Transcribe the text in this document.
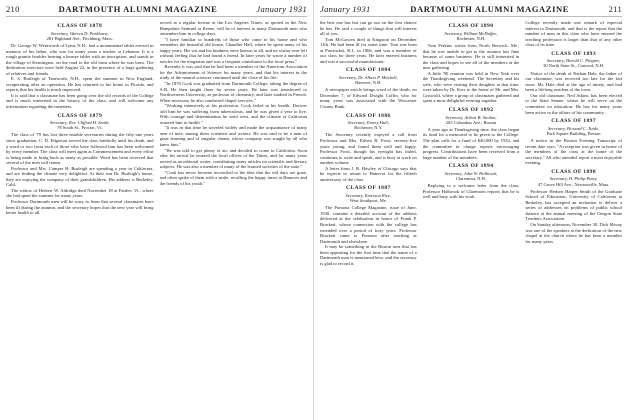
210	DARTMOUTH ALUMNI MAGAZINE	January 1931
CLASS OF 1878
Secretary, Warren D. Parkhurst,
281 Highland Ave., Fitchburg, Mass.

Dr. George W. Wentworth of Lynn, N.H., had a monumental tablet erected in memory of his father, who was for many years a teacher at Lebanon. It is a rough granite boulder bearing a bronze tablet with an inscription, and stands in the village of Kensington, on the road to the old farm where he was born. The dedication exercises were held August 22, in the presence of a large gathering of relatives and friends.

E. S. Burleigh of Tamworth, N.H., spent the summer in New England, recuperating after an operation. He has returned to his home in Florida, and reports that his health is much improved.

It is said that a classmate has been going over the old records of the College and is much interested in the history of the class, and will welcome any information regarding the members.

CLASS OF 1879
Secretary, Rev. Clifford H. Smith,
78 South St., Proctor, Vt.

The class of '79 has lost three notable secretaries during the fifty-one years since graduation. C. D. Edgerton served the class faithfully until his death, and a word or two from each of those who have followed him has been welcomed by every member. The class will meet again at Commencement and every effort is being made to bring back as many as possible. Word has been received that several of the men will return.

Professor and Mrs. Camper H. Burleigh are spending a year in California, and are finding the climate very delightful. At their son Dr. Burleigh's house, they are enjoying the company of their grandchildren. His address is Berkeley, Calif.

The widow of Herbert W. Aldridge died November 18 at Fairlee, Vt., where she had spent the summer for many years.

Professor Dartmouth men will be sorry to learn that several classmates have been ill during the autumn, and the secretary hopes that the new year will bring better health to all.

served at a regular lecture at the Los Angeles Times, as quoted in the New Hampshire Sentinel at Keene, will be of interest to many Dartmouth men who remember him in college days.

"I have familiar to hundreds of those who came to his home and who remember the beautiful old house, Chandler Hall, where he spent many of his happy years. His wit and his kindness were known to all, and no visitor ever left without feeling that he had found a friend. In later years he wrote a number of articles for the magazine and was a frequent contributor to the local press."

Recently it was said that he had been a member of the American Association for the Advancement of Science for many years, and that his interest in the study of the natural sciences continued until the close of his life.

"In 1876 Cook was graduated from Dartmouth College, taking the degree of A.B. He then taught there for seven years. He later was transferred to Northwestern University, as professor of chemistry, and later studied in French. When necessary he also conducted chapel services."

"Working intensively at his profession, Cook failed in his health. Doctors told him he was suffering from tuberculosis, and he was given a year to live. With courage and determination he went west, and the climate of California restored him to health."

"It was in that time he traveled widely and made the acquaintance of many men of note, among them scientists and writers. He was said to be a man of great learning and of singular charm, whose company was sought by all who knew him."

"He was told to get plenty of air, and decided to come to California. Soon after his arrival he entered the local offices of the Times, and for many years served as an editorial writer, contributing many articles on scientific and literary subjects. He was also a member of many of the learned societies of the state."

"Cook has never become reconciled to the idea that the old days are gone, and often spoke of them with a smile, recalling the happy times at Hanover and the friends of his youth."

January 1931	DARTMOUTH ALUMNI MAGAZINE	211

the best one has but can go out on the first chance he has. He said a couple of things that will interest all of you.

Tom McGowen died at Kingston on December 11th. He had been ill for some time. Tom was born at Pawtucket, R.I., in 1866, and was a member of our class for three years. He later entered business and was a successful manufacturer.

CLASS OF 1884
Secretary, Dr. Albert P. Mitchell,
Hanover, N.H.

A newspaper article brings word of the death, on December 7, of Edward Dwight Coffin, who for many years was associated with the Worcester County Bank.

CLASS OF 1886
Secretary, Emery Hull,
Rochester, N.Y.

The Secretary recently enjoyed a call from Professor and Mrs. Edwin B. Frost, seventy-five years young, and found them well and happy. Professor Frost, though his eyesight has failed, continues to write and speak, and is busy at work on another volume.

A letter from J. B. Hawley of Chicago says that he expects to return to Hanover for the fiftieth anniversary of the class.

CLASS OF 1887
Secretary, Emerson Rice,
West Southport, Me.

The Pomona College Magazine, issue of June, 1930, contains a detailed account of the address delivered at the celebration in honor of Frank P. Brackett, whose connection with the college has extended over a period of forty years. Professor Brackett came to Pomona after teaching at Dartmouth and elsewhere.

It may be something in the Boston area that has been appearing for the first time that the name of a Dartmouth man is mentioned here, and the secretary is glad to record it.

CLASS OF 1890
Secretary, William McDuffee,
Rochester, N.H.

Tom Perkins writes from North Berwick, Me., that he was unable to get to the reunion last June because of some business. He is still interested in the class and hopes to see all of the members at the next gathering.

A little '90 reunion was held in New York over the Thanksgiving weekend. The Secretary and his wife, who were visiting their daughter at that time, were taken by Dr. Kerr to the home of Mr. and Mrs. Griswold, where a group of classmates gathered and spent a most delightful evening together.

CLASS OF 1892
Secretary, Arthur B. Strohm,
263 Columbus Ave., Boston

A year ago at Thanksgiving time, the class began its fund for a memorial to be given to the College. The plan calls for a fund of $40,000 by 1932, and the committee in charge reports encouraging progress. Contributions have been received from a large number of the members.

CLASS OF 1894
Secretary, John W. Holbrook,
Claremont, N.H.

Replying to a welcome letter from the class, Professor Holbrook of Claremont reports that he is well and busy with his work.

College recently made one remark of especial interest to Dartmouth, and that is the report that the number of men in this class who have entered the teaching profession is larger than that of any other class of its time.

CLASS OF 1893
Secretary, Harold C. Pingree,
30 North State St., Concord, N.H.

Notice of the death of Nathan Hale, the father of our classmate, was received too late for the last issue. Mr. Hale died at the age of ninety, and had been a lifelong resident of the town.

Our old classmate, Ned Atkins, has been elected to the State Senate, where he will serve on the committee on education. He has for many years been active in the affairs of his community.

CLASS OF 1897
Secretary, Howard C. Tuttle,
Park Square Building, Boston

A notice in the Boston Evening Transcript of recent date says: "A reception was given in honor of the members of the class at the home of the secretary." All who attended report a most enjoyable evening.

CLASS OF 1898
Secretary, H. Philip Patey,
47 Grove Hill Ave., Newtonville, Mass.

Professor Herbert Harper Smith of the Graduate School of Education, University of California at Berkeley, has accepted an invitation to deliver a series of addresses on problems of public school finance at the annual meeting of the Oregon State Teachers Association.

On Sunday afternoon, November 30, Dick Mecay was one of the speakers at the dedication of the new chapel at the church where he has been a member for many years.
